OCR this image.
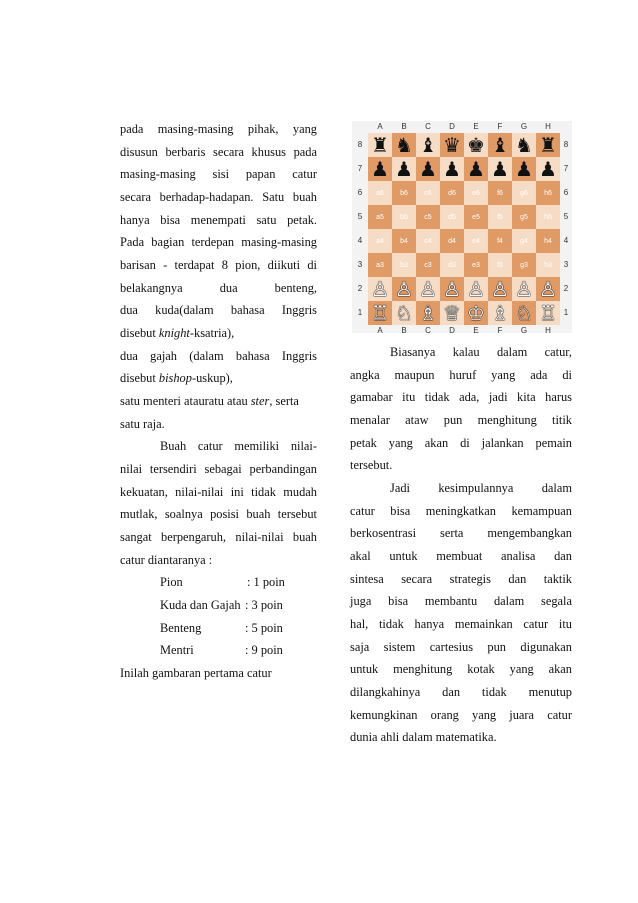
pada masing-masing pihak, yang
disusun berbaris secara khusus pada
masing-masing sisi papan catur
secara berhadap-hadapan. Satu buah
hanya bisa menempati satu petak.
Pada bagian terdepan masing-masing
barisan - terdapat 8 pion, diikuti di
belakangnya dua benteng,
dua kuda(dalam bahasa Inggris
disebut knight-ksatria),
dua gajah (dalam bahasa Inggris
disebut bishop-uskup),
satu menteri atauratu atau ster, serta
satu raja.
Buah catur memiliki nilai-
nilai tersendiri sebagai perbandingan
kekuatan, nilai-nilai ini tidak mudah
mutlak, soalnya posisi buah tersebut
sangat berpengaruh, nilai-nilai buah
catur diantaranya :
Pion	: 1 poin
Kuda dan Gajah : 3 poin
Benteng	: 5 poin
Mentri	: 9 poin
Inilah gambaran pertama catur
A	B	C	D	E	F	G	H
A	B	C	D	E	F	G	H
8
7
6
5
4
3
2
1
8
7
6
5
4
3
2
1
♜ ♞ ♝ ♛ ♚ ♝ ♞ ♜
♟ ♟ ♟ ♟ ♟ ♟ ♟ ♟
a6 b6 c6 d6 e6 f6 g6 h6
a5 b5 c5 d5 e5 f5 g5 h5
a4 b4 c4 d4 e4 f4 g4 h4
a3 b3 c3 d3 e3 f3 g3 h3
♙ ♙ ♙ ♙ ♙ ♙ ♙ ♙
♖ ♘ ♗ ♕ ♔ ♗ ♘ ♖
Biasanya kalau dalam catur,
angka maupun huruf yang ada di
gamabar itu tidak ada, jadi kita harus
menalar ataw pun menghitung titik
petak yang akan di jalankan pemain
tersebut.
Jadi kesimpulannya dalam
catur bisa meningkatkan kemampuan
berkosentrasi serta mengembangkan
akal untuk membuat analisa dan
sintesa secara strategis dan taktik
juga bisa membantu dalam segala
hal, tidak hanya memainkan catur itu
saja sistem cartesius pun digunakan
untuk menghitung kotak yang akan
dilangkahinya dan tidak menutup
kemungkinan orang yang juara catur
dunia ahli dalam matematika.
